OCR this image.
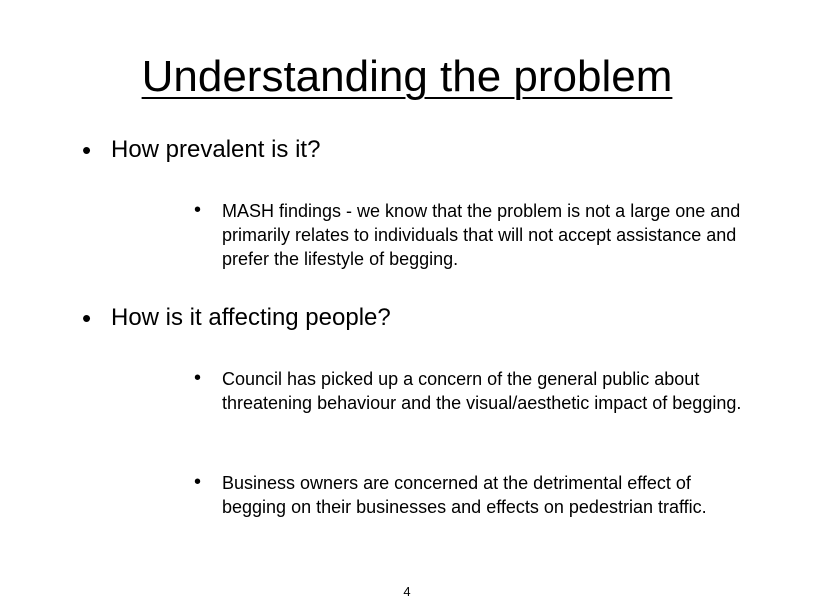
Understanding the problem
• How prevalent is it?
• MASH findings - we know that the problem is not a large one and primarily relates to individuals that will not accept assistance and prefer the lifestyle of begging.
• How is it affecting people?
• Council has picked up a concern of the general public about threatening behaviour and the visual/aesthetic impact of begging.
• Business owners are concerned at the detrimental effect of begging on their businesses and effects on pedestrian traffic.
4
